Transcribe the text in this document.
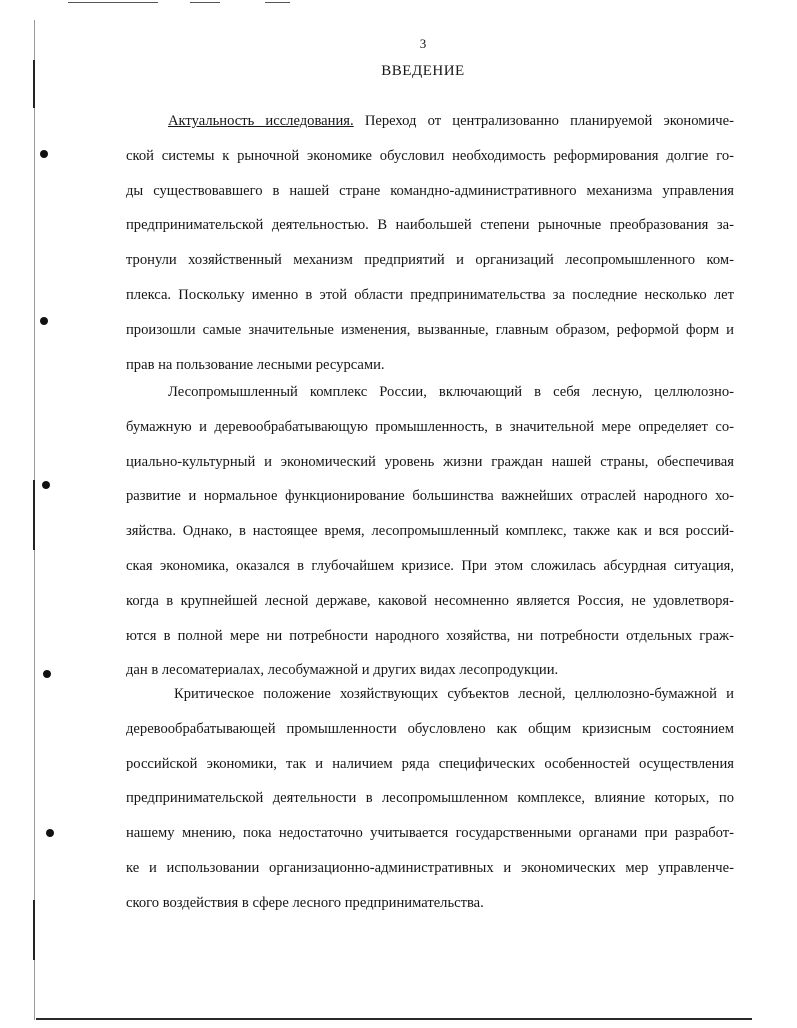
3
ВВЕДЕНИЕ
Актуальность исследования. Переход от централизованно планируемой экономиче-
ской системы к рыночной экономике обусловил необходимость реформирования долгие го-
ды существовавшего в нашей стране командно-административного механизма управления
предпринимательской деятельностью. В наибольшей степени рыночные преобразования за-
тронули хозяйственный механизм предприятий и организаций лесопромышленного ком-
плекса. Поскольку именно в этой области предпринимательства за последние несколько лет
произошли самые значительные изменения, вызванные, главным образом, реформой форм и
прав на пользование лесными ресурсами.
Лесопромышленный комплекс России, включающий в себя лесную, целлюлозно-
бумажную и деревообрабатывающую промышленность, в значительной мере определяет со-
циально-культурный и экономический уровень жизни граждан нашей страны, обеспечивая
развитие и нормальное функционирование большинства важнейших отраслей народного хо-
зяйства. Однако, в настоящее время, лесопромышленный комплекс, также как и вся россий-
ская экономика, оказался в глубочайшем кризисе. При этом сложилась абсурдная ситуация,
когда в крупнейшей лесной державе, каковой несомненно является Россия, не удовлетворя-
ются в полной мере ни потребности народного хозяйства, ни потребности отдельных граж-
дан в лесоматериалах, лесобумажной и других видах лесопродукции.
Критическое положение хозяйствующих субъектов лесной, целлюлозно-бумажной и
деревообрабатывающей промышленности обусловлено как общим кризисным состоянием
российской экономики, так и наличием ряда специфических особенностей осуществления
предпринимательской деятельности в лесопромышленном комплексе, влияние которых, по
нашему мнению, пока недостаточно учитывается государственными органами при разработ-
ке и использовании организационно-административных и экономических мер управленче-
ского воздействия в сфере лесного предпринимательства.
